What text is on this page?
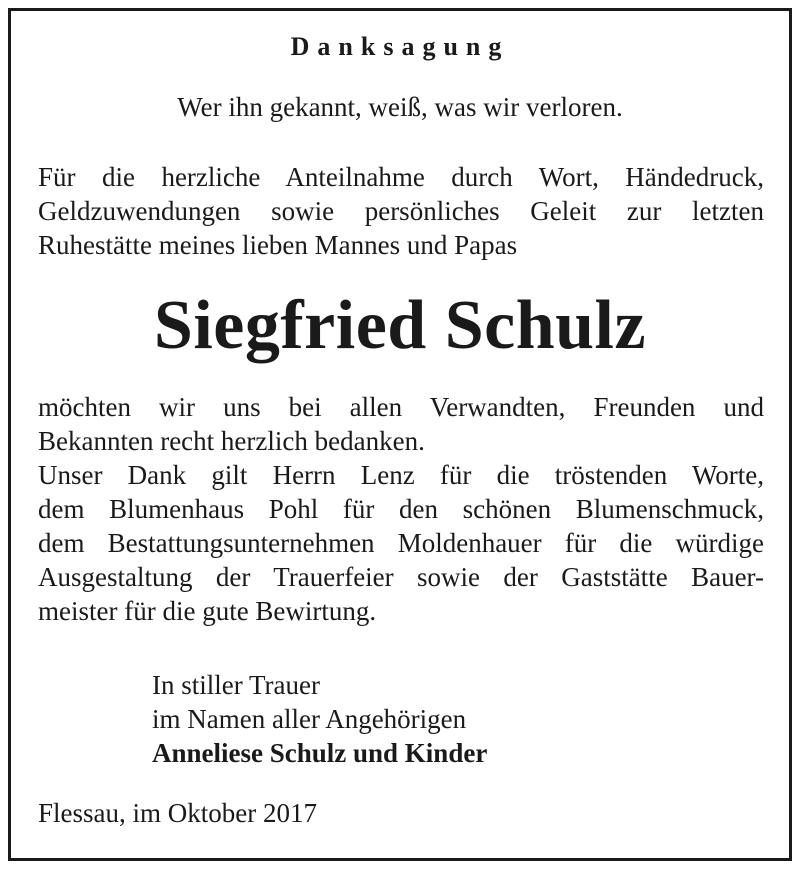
Danksagung

Wer ihn gekannt, weiß, was wir verloren.

Für die herzliche Anteilnahme durch Wort, Händedruck,
Geldzuwendungen sowie persönliches Geleit zur letzten
Ruhestätte meines lieben Mannes und Papas
Siegfried Schulz
möchten wir uns bei allen Verwandten, Freunden und
Bekannten recht herzlich bedanken.
Unser Dank gilt Herrn Lenz für die tröstenden Worte,
dem Blumenhaus Pohl für den schönen Blumenschmuck,
dem Bestattungsunternehmen Moldenhauer für die würdige
Ausgestaltung der Trauerfeier sowie der Gaststätte Bauer-
meister für die gute Bewirtung.
In stiller Trauer
im Namen aller Angehörigen
Anneliese Schulz und Kinder
Flessau, im Oktober 2017
